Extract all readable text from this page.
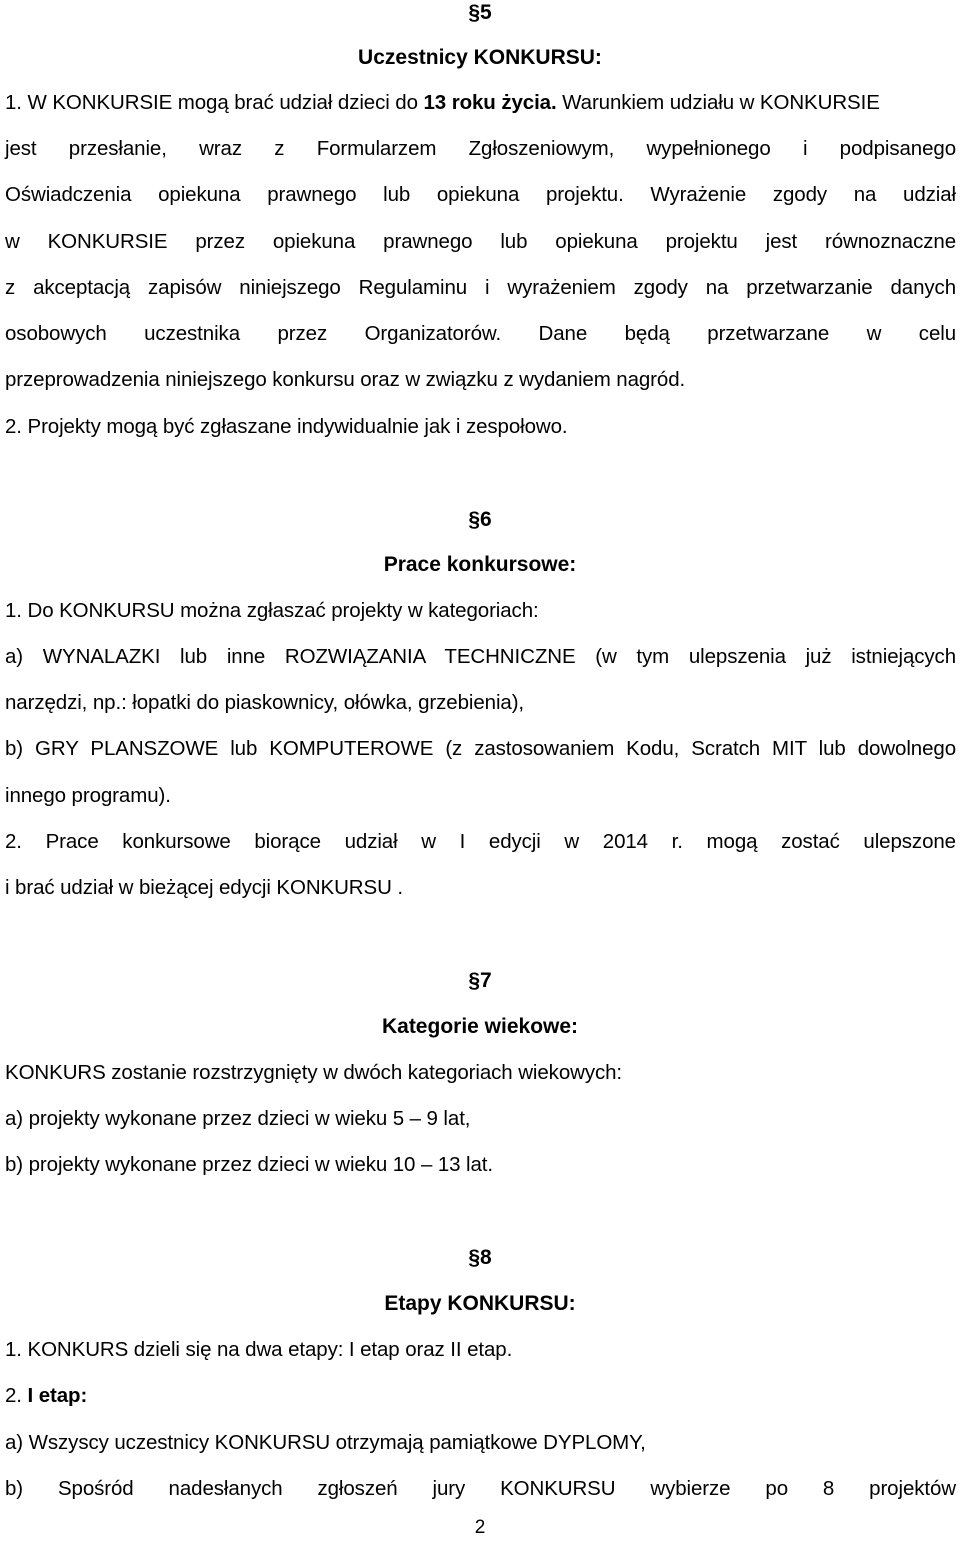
§5
Uczestnicy KONKURSU:
1. W KONKURSIE mogą brać udział dzieci do 13 roku życia. Warunkiem udziału w KONKURSIE
jest przesłanie, wraz z Formularzem Zgłoszeniowym, wypełnionego i podpisanego
Oświadczenia opiekuna prawnego lub opiekuna projektu. Wyrażenie zgody na udział
w KONKURSIE przez opiekuna prawnego lub opiekuna projektu jest równoznaczne
z akceptacją zapisów niniejszego Regulaminu i wyrażeniem zgody na przetwarzanie danych
osobowych uczestnika przez Organizatorów. Dane będą przetwarzane w celu
przeprowadzenia niniejszego konkursu oraz w związku z wydaniem nagród.
2. Projekty mogą być zgłaszane indywidualnie jak i zespołowo.
§6
Prace konkursowe:
1. Do KONKURSU można zgłaszać projekty w kategoriach:
a) WYNALAZKI lub inne ROZWIĄZANIA TECHNICZNE (w tym ulepszenia już istniejących
narzędzi, np.: łopatki do piaskownicy, ołówka, grzebienia),
b) GRY PLANSZOWE lub KOMPUTEROWE (z zastosowaniem Kodu, Scratch MIT lub dowolnego
innego programu).
2. Prace konkursowe biorące udział w I edycji w 2014 r. mogą zostać ulepszone
i brać udział w bieżącej edycji KONKURSU .
§7
Kategorie wiekowe:
KONKURS zostanie rozstrzygnięty w dwóch kategoriach wiekowych:
a) projekty wykonane przez dzieci w wieku 5 – 9 lat,
b) projekty wykonane przez dzieci w wieku 10 – 13 lat.
§8
Etapy KONKURSU:
1. KONKURS dzieli się na dwa etapy: I etap oraz II etap.
2. I etap:
a) Wszyscy uczestnicy KONKURSU otrzymają pamiątkowe DYPLOMY,
b) Spośród nadesłanych zgłoszeń jury KONKURSU wybierze po 8 projektów
2
